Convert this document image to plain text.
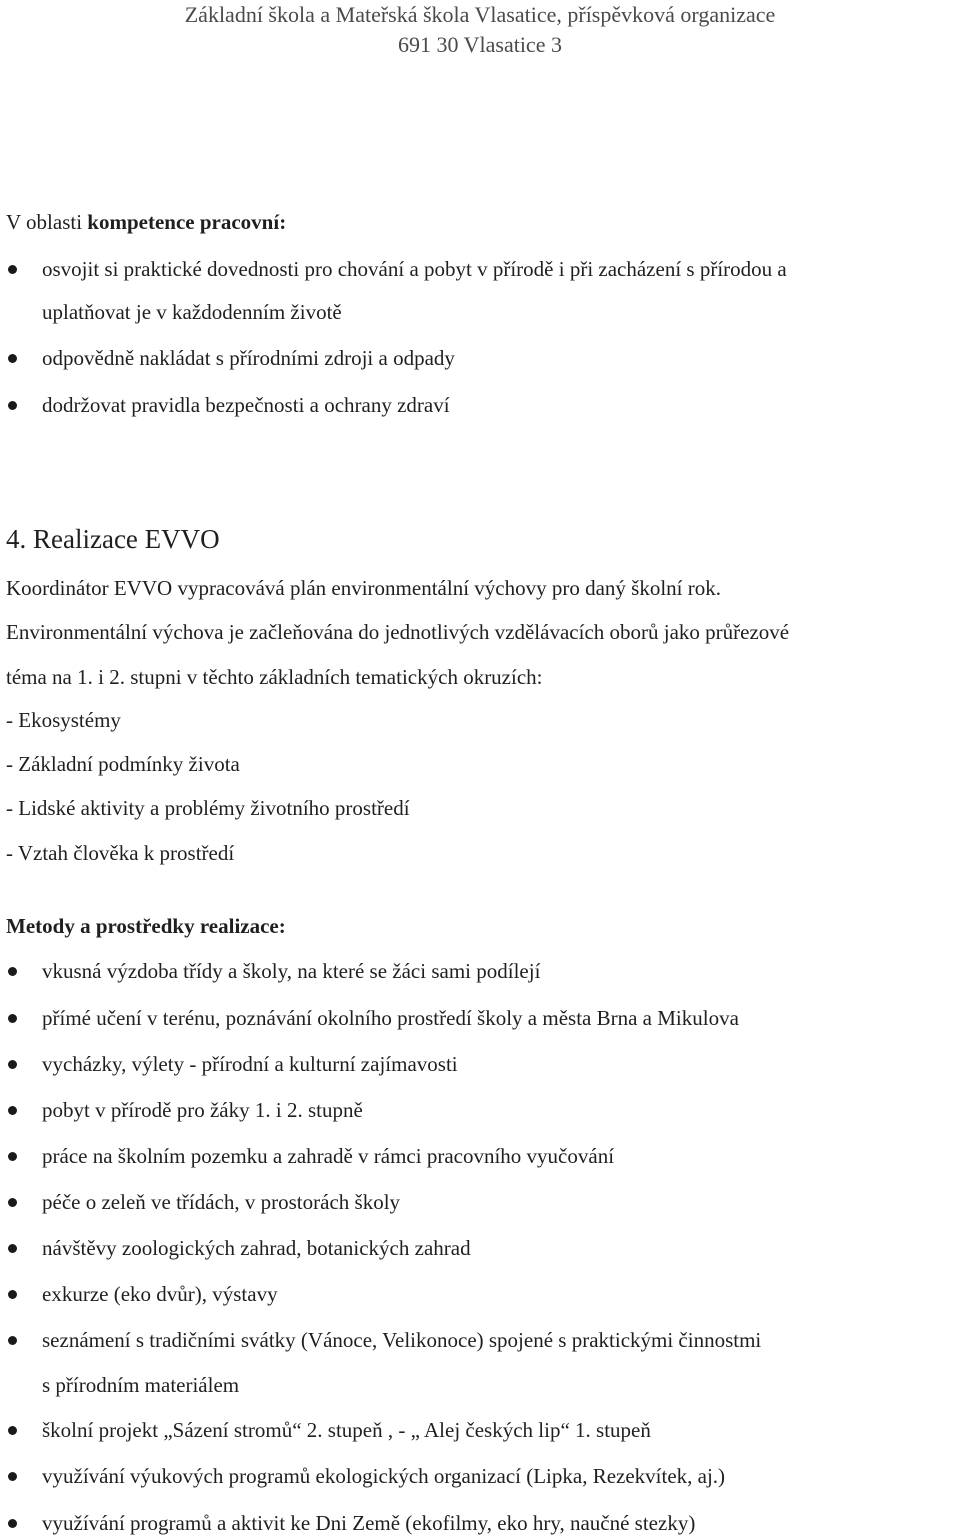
Základní škola a Mateřská škola Vlasatice, příspěvková organizace
691 30 Vlasatice 3
V oblasti kompetence pracovní:
osvojit si praktické dovednosti pro chování a pobyt v přírodě i při zacházení s přírodou a
uplatňovat je v každodenním životě
odpovědně nakládat s přírodními zdroji a odpady
dodržovat pravidla bezpečnosti a ochrany zdraví
4. Realizace EVVO
Koordinátor EVVO vypracovává plán environmentální výchovy pro daný školní rok.
Environmentální výchova je začleňována do jednotlivých vzdělávacích oborů jako průřezové
téma na 1. i 2. stupni v těchto základních tematických okruzích:
- Ekosystémy
- Základní podmínky života
- Lidské aktivity a problémy životního prostředí
- Vztah člověka k prostředí
Metody a prostředky realizace:
vkusná výzdoba třídy a školy, na které se žáci sami podílejí
přímé učení v terénu, poznávání okolního prostředí školy a města Brna a Mikulova
vycházky, výlety - přírodní a kulturní zajímavosti
pobyt v přírodě pro žáky 1. i 2. stupně
práce na školním pozemku a zahradě v rámci pracovního vyučování
péče o zeleň ve třídách, v prostorách školy
návštěvy zoologických zahrad, botanických zahrad
exkurze (eko dvůr), výstavy
seznámení s tradičními svátky (Vánoce, Velikonoce) spojené s praktickými činnostmi
s přírodním materiálem
školní projekt „Sázení stromů“ 2. stupeň , - „ Alej českých lip“ 1. stupeň
využívání výukových programů ekologických organizací (Lipka, Rezekvítek, aj.)
využívání programů a aktivit ke Dni Země (ekofilmy, eko hry, naučné stezky)
